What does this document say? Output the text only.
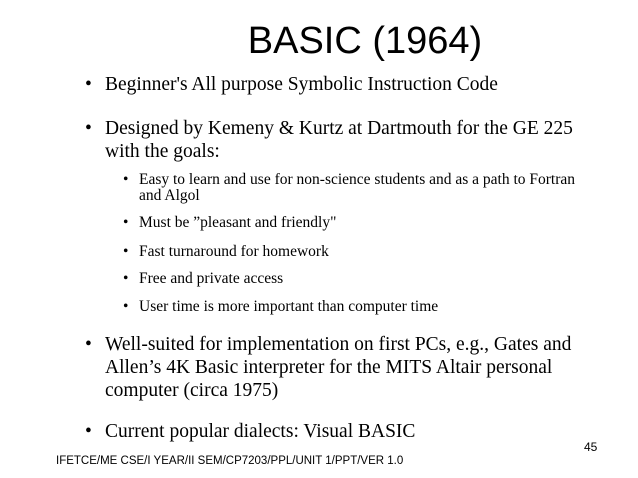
BASIC (1964)
• Beginner's All purpose Symbolic Instruction Code
• Designed by Kemeny & Kurtz at Dartmouth for the GE 225 with the goals:
• Easy to learn and use for non-science students and as a path to Fortran and Algol
• Must be ”pleasant and friendly"
• Fast turnaround for homework
• Free and private access
• User time is more important than computer time
• Well-suited for implementation on first PCs, e.g., Gates and Allen’s 4K Basic interpreter for the MITS Altair personal computer (circa 1975)
• Current popular dialects: Visual BASIC
45
IFETCE/ME CSE/I YEAR/II SEM/CP7203/PPL/UNIT 1/PPT/VER 1.0
